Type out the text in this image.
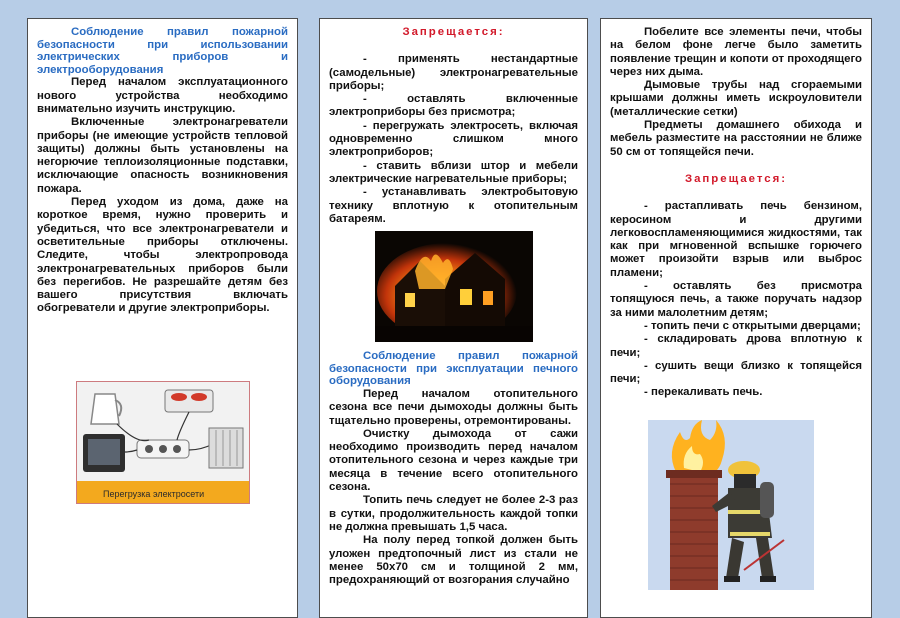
Соблюдение правил пожарной безопасности при использовании электрических приборов и электрооборудования

Перед началом эксплуатационного нового устройства необходимо внимательно изучить инструкцию.

Включенные электронагреватели приборы (не имеющие устройств тепловой защиты) должны быть установлены на негорючие теплоизоляционные подставки, исключающие опасность возникновения пожара.

Перед уходом из дома, даже на короткое время, нужно проверить и убедиться, что все электронагреватели и осветительные приборы отключены. Следите, чтобы электропровода электронагревательных приборов были без перегибов. Не разрешайте детям без вашего присутствия включать обогреватели и другие электроприборы.

Перегрузка электросети

Запрещается:

- применять нестандартные (самодельные) электронагревательные приборы;

- оставлять включенные электроприборы без присмотра;

- перегружать электросеть, включая одновременно слишком много электроприборов;

- ставить вблизи штор и мебели электрические нагревательные приборы;

- устанавливать электробытовую технику вплотную к отопительным батареям.

Соблюдение правил пожарной безопасности при эксплуатации печного оборудования

Перед началом отопительного сезона все печи дымоходы должны быть тщательно проверены, отремонтированы.

Очистку дымохода от сажи необходимо производить перед началом отопительного сезона и через каждые три месяца в течение всего отопительного сезона.

Топить печь следует не более 2-3 раз в сутки, продолжительность каждой топки не должна превышать 1,5 часа.

На полу перед топкой должен быть уложен предтопочный лист из стали не менее 50х70 см и толщиной 2 мм, предохраняющий от возгорания случайно

Побелите все элементы печи, чтобы на белом фоне легче было заметить появление трещин и копоти от проходящего через них дыма.

Дымовые трубы над сгораемыми крышами должны иметь искроуловители (металлические сетки)

Предметы домашнего обихода и мебель разместите на расстоянии не ближе 50 см от топящейся печи.

Запрещается:

- растапливать печь бензином, керосином и другими легковоспламеняющимися жидкостями, так как при мгновенной вспышке горючего может произойти взрыв или выброс пламени;

- оставлять без присмотра топящуюся печь, а также поручать надзор за ними малолетним детям;

- топить печи с открытыми дверцами;

- складировать дрова вплотную к печи;

- сушить вещи близко к топящейся печи;

- перекаливать печь.
